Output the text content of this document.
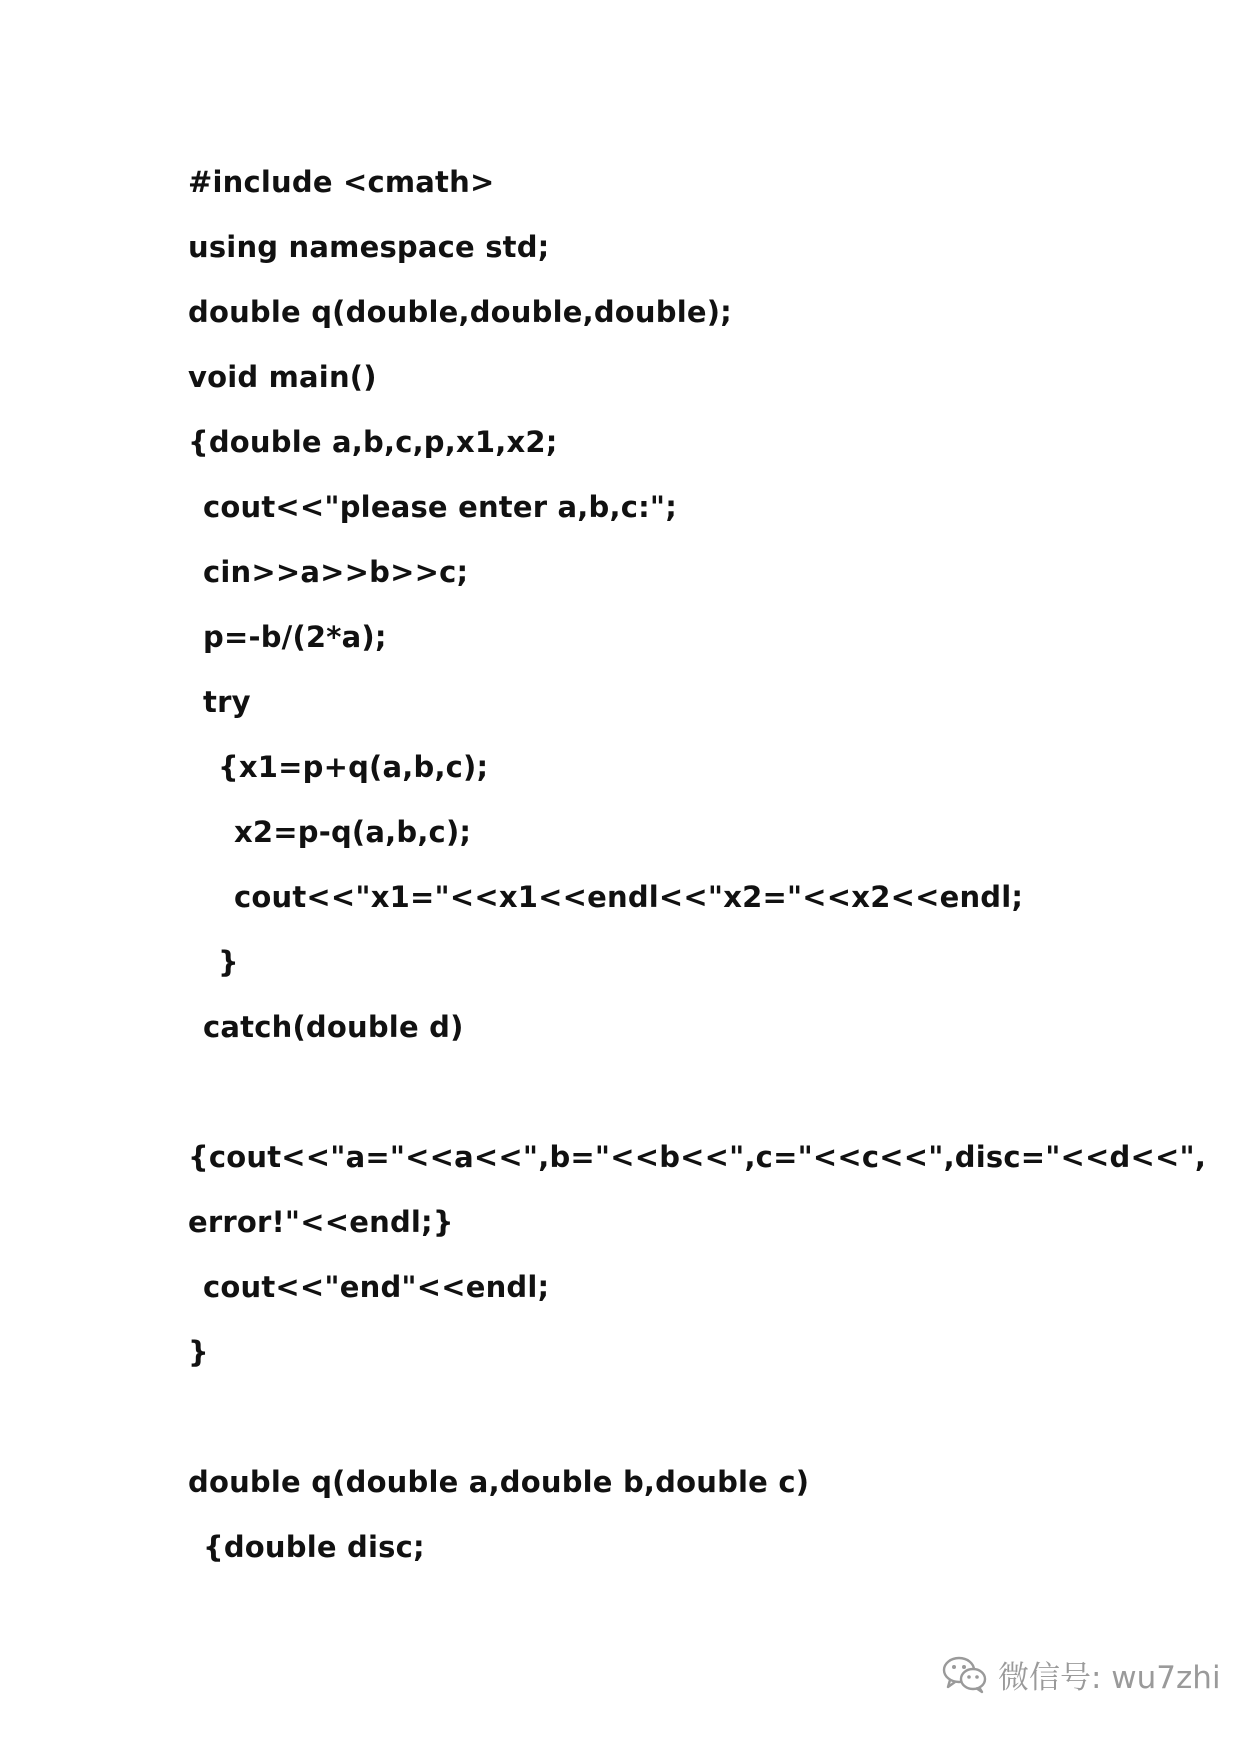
#include <cmath>
using namespace std;
double q(double,double,double);
void main()
{double a,b,c,p,x1,x2;
cout<<"please enter a,b,c:";
cin>>a>>b>>c;
p=-b/(2*a);
try
{x1=p+q(a,b,c);
x2=p-q(a,b,c);
cout<<"x1="<<x1<<endl<<"x2="<<x2<<endl;
}
catch(double d)
{cout<<"a="<<a<<",b="<<b<<",c="<<c<<",disc="<<d<<",
error!"<<endl;}
cout<<"end"<<endl;
}
double q(double a,double b,double c)
{double disc;
微信号: wu7zhi
